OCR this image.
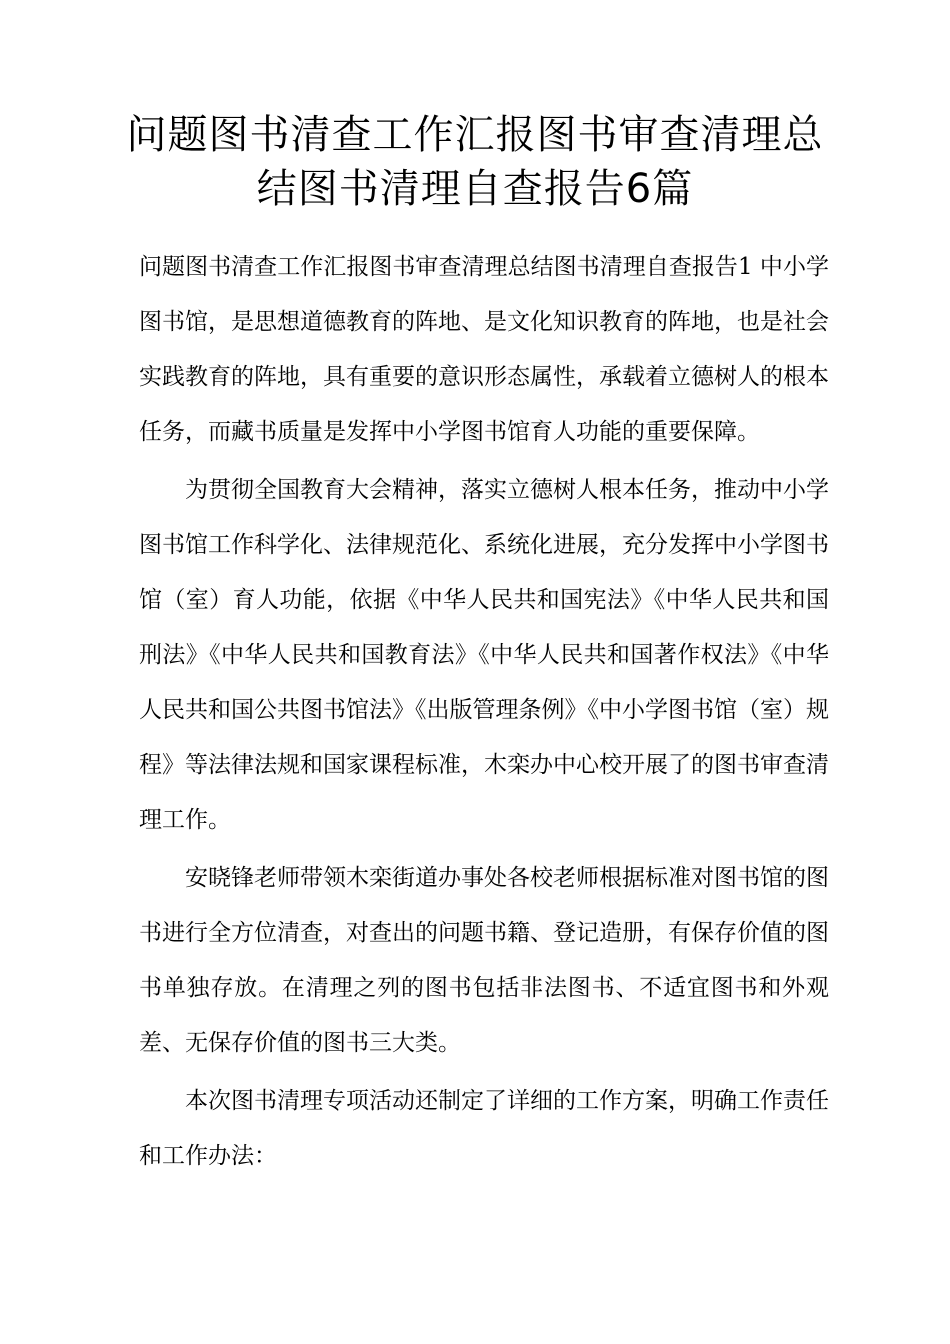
问题图书清查工作汇报图书审查清理总
结图书清理自查报告6篇

问题图书清查工作汇报图书审查清理总结图书清理自查报告1 中小学图书馆，是思想道德教育的阵地、是文化知识教育的阵地，也是社会实践教育的阵地，具有重要的意识形态属性，承载着立德树人的根本任务，而藏书质量是发挥中小学图书馆育人功能的重要保障。

为贯彻全国教育大会精神，落实立德树人根本任务，推动中小学图书馆工作科学化、法律规范化、系统化进展，充分发挥中小学图书馆（室）育人功能，依据《中华人民共和国宪法》《中华人民共和国刑法》《中华人民共和国教育法》《中华人民共和国著作权法》《中华人民共和国公共图书馆法》《出版管理条例》《中小学图书馆（室）规程》等法律法规和国家课程标准，木栾办中心校开展了的图书审查清理工作。

安晓锋老师带领木栾街道办事处各校老师根据标准对图书馆的图书进行全方位清查，对查出的问题书籍、登记造册，有保存价值的图书单独存放。在清理之列的图书包括非法图书、不适宜图书和外观差、无保存价值的图书三大类。

本次图书清理专项活动还制定了详细的工作方案，明确工作责任和工作办法：
